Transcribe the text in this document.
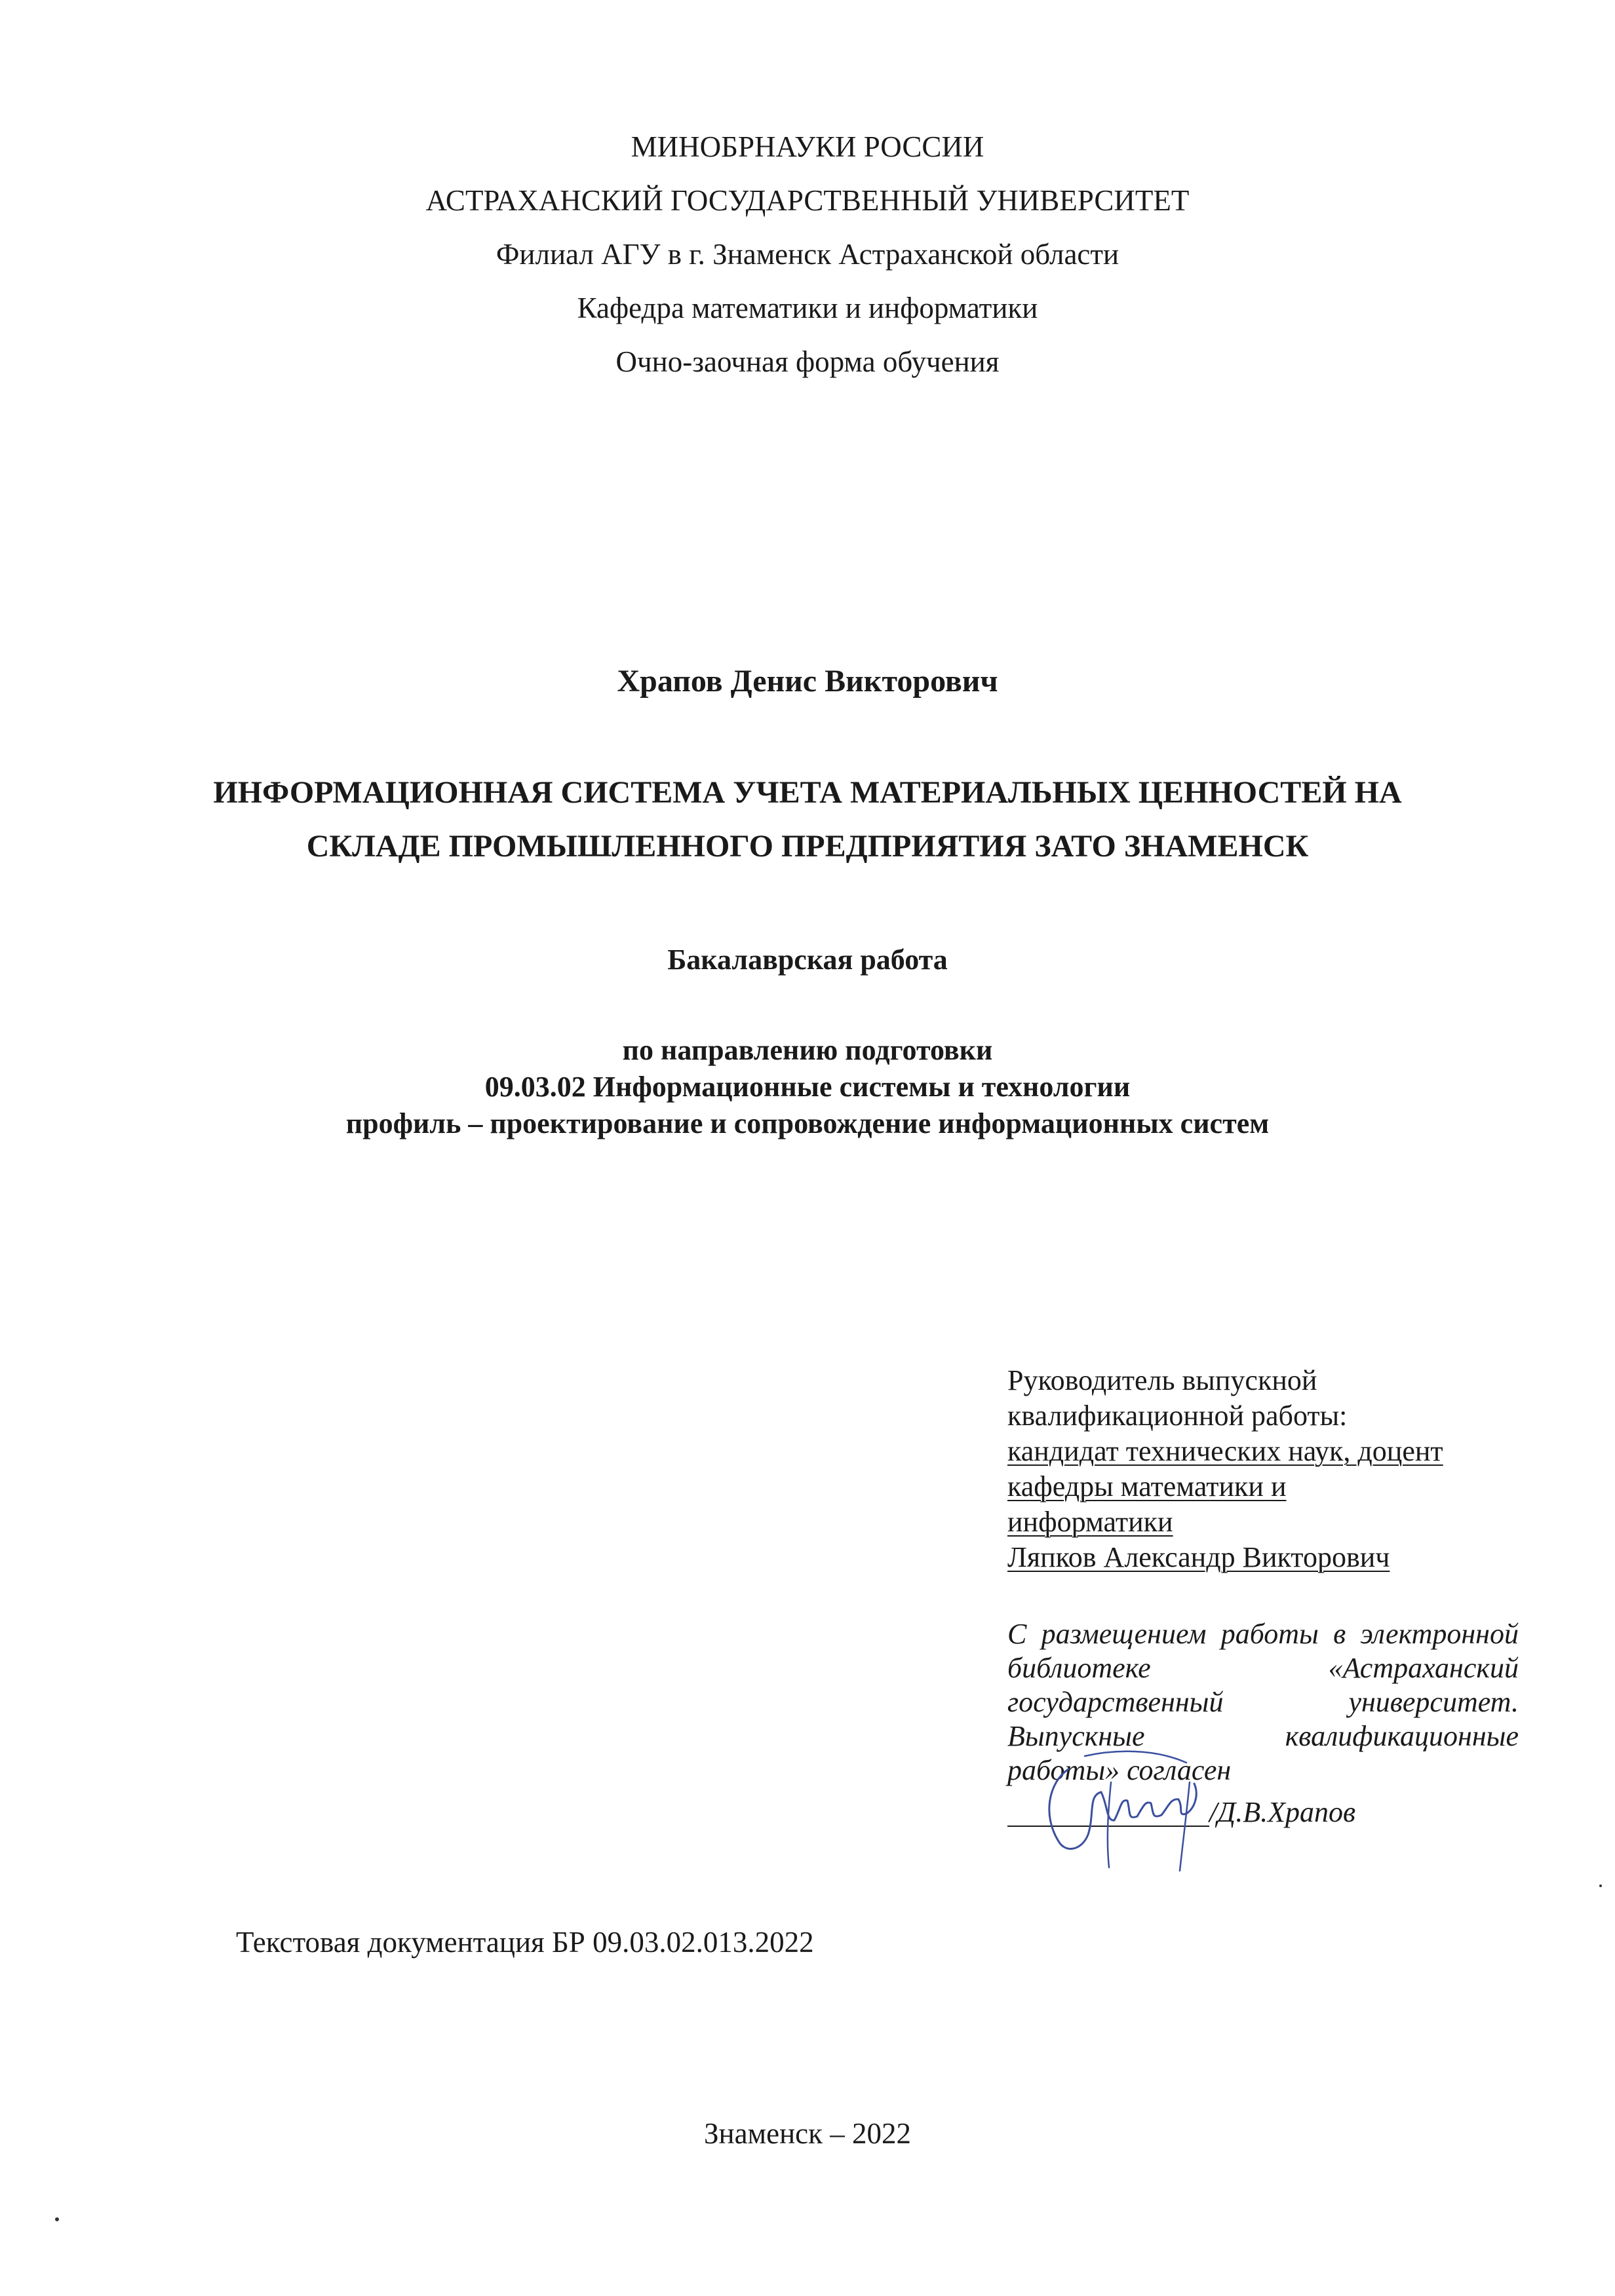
МИНОБРНАУКИ РОССИИ
АСТРАХАНСКИЙ ГОСУДАРСТВЕННЫЙ УНИВЕРСИТЕТ
Филиал АГУ в г. Знаменск Астраханской области
Кафедра математики и информатики
Очно-заочная форма обучения
Храпов Денис Викторович
ИНФОРМАЦИОННАЯ СИСТЕМА УЧЕТА МАТЕРИАЛЬНЫХ ЦЕННОСТЕЙ НА
СКЛАДЕ ПРОМЫШЛЕННОГО ПРЕДПРИЯТИЯ ЗАТО ЗНАМЕНСК
Бакалаврская работа
по направлению подготовки
09.03.02 Информационные системы и технологии
профиль – проектирование и сопровождение информационных систем
Руководитель выпускной
квалификационной работы:
кандидат технических наук, доцент
кафедры математики и
информатики
Ляпков Александр Викторович
С размещением работы в электронной
библиотеке	«Астраханский
государственный	университет.
Выпускные	квалификационные
работы» согласен
/Д.В.Храпов
Текстовая документация БР 09.03.02.013.2022
Знаменск – 2022
